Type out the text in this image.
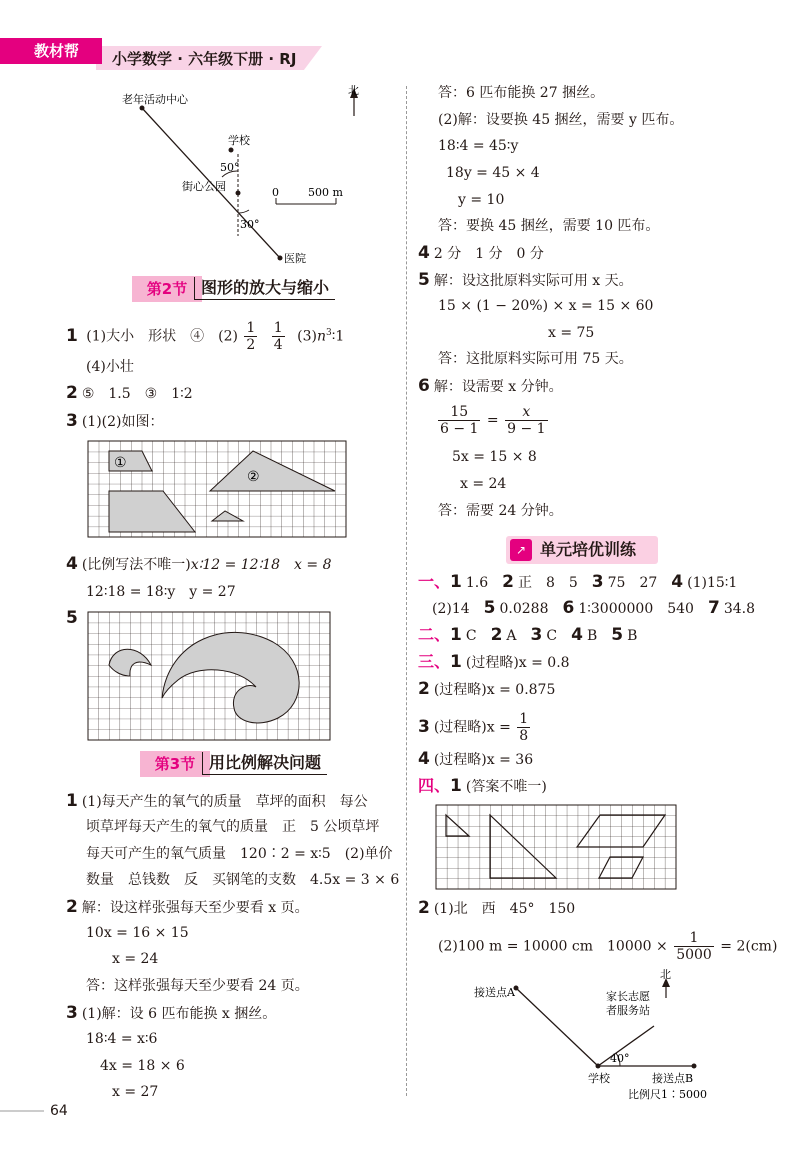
教材帮	小学数学 · 六年级下册 · RJ
老年活动中心
学校
街心公园
医院
50°
30°
北
0	500 m
第2节 图形的放大与缩小
1 (1)大小　形状　④　$(2) \frac{1}{2}$
$\frac{1}{4}$ $(3)n^3∶1$
(4)小壮
2 ⑤　1.5　③　1∶2
3 (1)(2)如图：
①
②
4 (比例写法不唯一)x∶12 = 12∶18　x = 8
12∶18 = 18∶y　y = 27
5
第3节 用比例解决问题
1 (1)每天产生的氧气的质量　草坪的面积　每公
顷草坪每天产生的氧气的质量　正　5 公顷草坪
每天可产生的氧气质量　120∶2 = x∶5　(2)单价
数量　总钱数　反　买钢笔的支数　4.5x = 3 × 6
2 解：设这样张强每天至少要看 x 页。
10x = 16 × 15
x = 24
答：这样张强每天至少要看 24 页。
3 (1)解：设 6 匹布能换 x 捆丝。
18∶4 = x∶6
4x = 18 × 6
x = 27
64
答：6 匹布能换 27 捆丝。
(2)解：设要换 45 捆丝，需要 y 匹布。
18∶4 = 45∶y
18y = 45 × 4
y = 10
答：要换 45 捆丝，需要 10 匹布。
4 2 分　1 分　0 分
5 解：设这批原料实际可用 x 天。
15 × (1 − 20%) × x = 15 × 60
x = 75
答：这批原料实际可用 75 天。
6 解：设需要 x 分钟。
$\frac{15}{6 - 1} = \frac{x}{9 - 1}$
5x = 15 × 8
x = 24
答：需要 24 分钟。
↗ 单元培优训练
一、1 1.6　2 正　8　5　3 75　27　4 (1)15∶1
(2)14　5 0.0288　6 1∶3000000　540　7 34.8
二、1 C　 2 A　 3 C　 4 B　 5 B
三、1 (过程略)x = 0.8
2 (过程略)x = 0.875
3 (过程略)$x = \frac{1}{8}$
4 (过程略)x = 36
四、1 (答案不唯一)
2 (1)北　西　45°　150
(2)100 m = 10000 cm　$10000 \times \frac{1}{5000} = 2(cm)$
接送点A	家长志愿
者服务站
北
40°
学校	接送点B
比例尺1∶5000
